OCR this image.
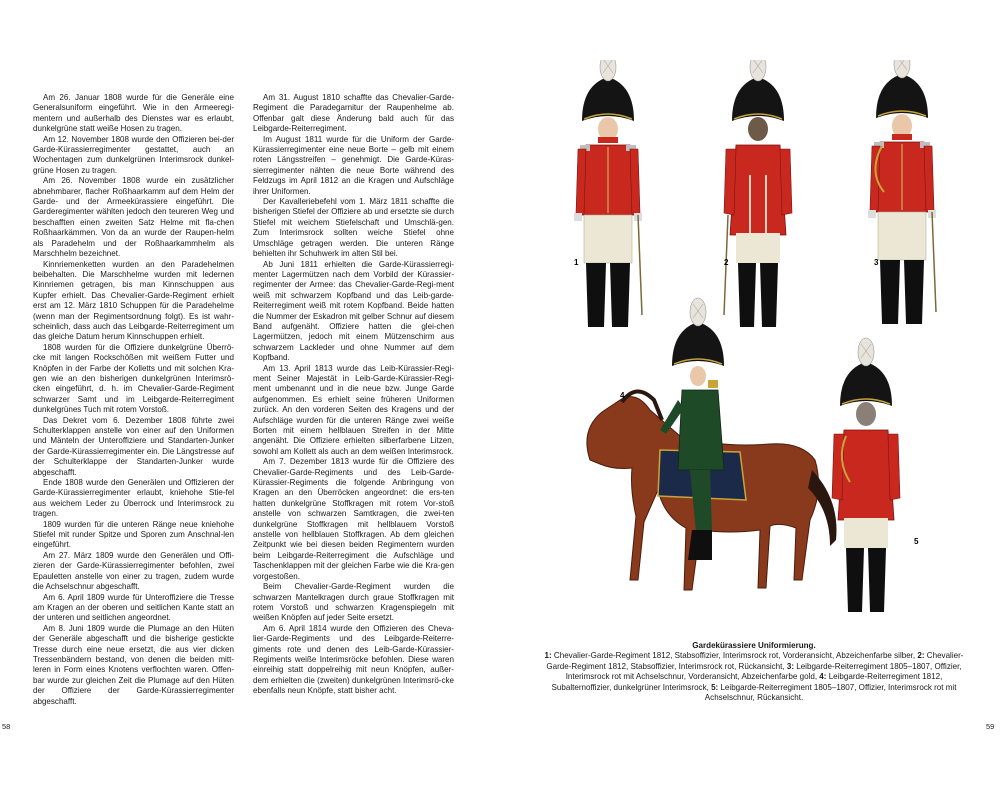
Am 26. Januar 1808 wurde für die Generäle eine Generalsuniform eingeführt. Wie in den Armeeregi-mentern und außerhalb des Dienstes war es erlaubt, dunkelgrüne statt weiße Hosen zu tragen.

Am 12. November 1808 wurde den Offizieren bei-der Garde-Kürassierregimenter gestattet, auch an Wochentagen zum dunkelgrünen Interimsrock dunkel-grüne Hosen zu tragen.

Am 26. November 1808 wurde ein zusätzlicher abnehmbarer, flacher Roßhaarkamm auf dem Helm der Garde- und der Armeekürassiere eingeführt. Die Garderegimenter wählten jedoch den teureren Weg und beschafften einen zweiten Satz Helme mit fla-chen Roßhaarkämmen. Von da an wurde der Raupen-helm als Paradehelm und der Roßhaarkammhelm als Marschhelm bezeichnet.

Kinnriemenketten wurden an den Paradehelmen beibehalten. Die Marschhelme wurden mit ledernen Kinnriemen getragen, bis man Kinnschuppen aus Kupfer erhielt. Das Chevalier-Garde-Regiment erhielt erst am 12. März 1810 Schuppen für die Paradehelme (wenn man der Regimentsordnung folgt). Es ist wahr-scheinlich, dass auch das Leibgarde-Reiterregiment um das gleiche Datum herum Kinnschuppen erhielt.

1808 wurden für die Offiziere dunkelgrüne Überrö-cke mit langen Rockschößen mit weißem Futter und Knöpfen in der Farbe der Kolletts und mit solchen Kra-gen wie an den bisherigen dunkelgrünen Interimsrö-cken eingeführt, d. h. im Chevalier-Garde-Regiment schwarzer Samt und im Leibgarde-Reiterregiment dunkelgrünes Tuch mit rotem Vorstoß.

Das Dekret vom 6. Dezember 1808 führte zwei Schulterklappen anstelle von einer auf den Uniformen und Mänteln der Unteroffiziere und Standarten-Junker der Garde-Kürassierregimenter ein. Die Längstresse auf der Schulterklappe der Standarten-Junker wurde abgeschafft.

Ende 1808 wurde den Generälen und Offizieren der Garde-Kürassierregimenter erlaubt, kniehohe Stie-fel aus weichem Leder zu Überrock und Interimsrock zu tragen.

1809 wurden für die unteren Ränge neue kniehohe Stiefel mit runder Spitze und Sporen zum Anschnal-len eingeführt.

Am 27. März 1809 wurde den Generälen und Offi-zieren der Garde-Kürassierregimenter befohlen, zwei Epauletten anstelle von einer zu tragen, zudem wurde die Achselschnur abgeschafft.

Am 6. April 1809 wurde für Unteroffiziere die Tresse am Kragen an der oberen und seitlichen Kante statt an der unteren und seitlichen angeordnet.

Am 8. Juni 1809 wurde die Plumage an den Hüten der Generäle abgeschafft und die bisherige gestickte Tresse durch eine neue ersetzt, die aus vier dicken Tressenbändern bestand, von denen die beiden mitt-leren in Form eines Knotens verflochten waren. Offen-bar wurde zur gleichen Zeit die Plumage auf den Hüten der Offiziere der Garde-Kürassierregimenter abgeschafft.

Am 31. August 1810 schaffte das Chevalier-Garde-Regiment die Paradegarnitur der Raupenhelme ab. Offenbar galt diese Änderung bald auch für das Leibgarde-Reiterregiment.

Im August 1811 wurde für die Uniform der Garde-Kürassierregimenter eine neue Borte – gelb mit einem roten Längsstreifen – genehmigt. Die Garde-Küras-sierregimenter nähten die neue Borte während des Feldzugs im April 1812 an die Kragen und Aufschläge ihrer Uniformen.

Der Kavalleriebefehl vom 1. März 1811 schaffte die bisherigen Stiefel der Offiziere ab und ersetzte sie durch Stiefel mit weichem Stiefelschaft und Umschlä-gen. Zum Interimsrock sollten weiche Stiefel ohne Umschläge getragen werden. Die unteren Ränge behielten ihr Schuhwerk im alten Stil bei.

Ab Juni 1811 erhielten die Garde-Kürassierregi-menter Lagermützen nach dem Vorbild der Kürassier-regimenter der Armee: das Chevalier-Garde-Regi-ment weiß mit schwarzem Kopfband und das Leib-garde-Reiterregiment weiß mit rotem Kopfband. Beide hatten die Nummer der Eskadron mit gelber Schnur auf diesem Band aufgenäht. Offiziere hatten die glei-chen Lagermützen, jedoch mit einem Mützenschirm aus schwarzem Lackleder und ohne Nummer auf dem Kopfband.

Am 13. April 1813 wurde das Leib-Kürassier-Regi-ment Seiner Majestät in Leib-Garde-Kürassier-Regi-ment umbenannt und in die neue bzw. Junge Garde aufgenommen. Es erhielt seine früheren Uniformen zurück. An den vorderen Seiten des Kragens und der Aufschläge wurden für die unteren Ränge zwei weiße Borten mit einem hellblauen Streifen in der Mitte angenäht. Die Offiziere erhielten silberfarbene Litzen, sowohl am Kollett als auch an dem weißen Interimsrock.

Am 7. Dezember 1813 wurde für die Offiziere des Chevalier-Garde-Regiments und des Leib-Garde-Kürassier-Regiments die folgende Anbringung von Kragen an den Überröcken angeordnet: die ers-ten hatten dunkelgrüne Stoffkragen mit rotem Vor-stoß anstelle von schwarzen Samtkragen, die zwei-ten dunkelgrüne Stoffkragen mit hellblauem Vorstoß anstelle von hellblauen Stoffkragen. Ab dem gleichen Zeitpunkt wie bei diesen beiden Regimentern wurden beim Leibgarde-Reiterregiment die Aufschläge und Taschenklappen mit der gleichen Farbe wie die Kra-gen vorgestoßen.

Beim Chevalier-Garde-Regiment wurden die schwarzen Mantelkragen durch graue Stoffkragen mit rotem Vorstoß und schwarzen Kragenspiegeln mit weißen Knöpfen auf jeder Seite ersetzt.

Am 6. April 1814 wurde den Offizieren des Cheva-lier-Garde-Regiments und des Leibgarde-Reiterre-giments rote und denen des Leib-Garde-Kürassier-Regiments weiße Interimsröcke befohlen. Diese waren einreihig statt doppelreihig mit neun Knöpfen, außer-dem erhielten die (zweiten) dunkelgrünen Interimsrö-cke ebenfalls neun Knöpfe, statt bisher acht.

58	59
1	2	3
4
5
Gardekürassiere Uniformierung.
1: Chevalier-Garde-Regiment 1812, Stabsoffizier, Interimsrock rot, Vorderansicht, Abzeichenfarbe silber, 2: Chevalier-Garde-Regiment 1812, Stabsoffizier, Interimsrock rot, Rückansicht, 3: Leibgarde-Reiterregiment 1805–1807, Offizier, Interimsrock rot mit Achselschnur, Vorderansicht, Abzeichenfarbe gold, 4: Leibgarde-Reiterregiment 1812, Subalternoffizier, dunkelgrüner Interimsrock, 5: Leibgarde-Reiterregiment 1805–1807, Offizier, Interimsrock rot mit Achselschnur, Rückansicht.
